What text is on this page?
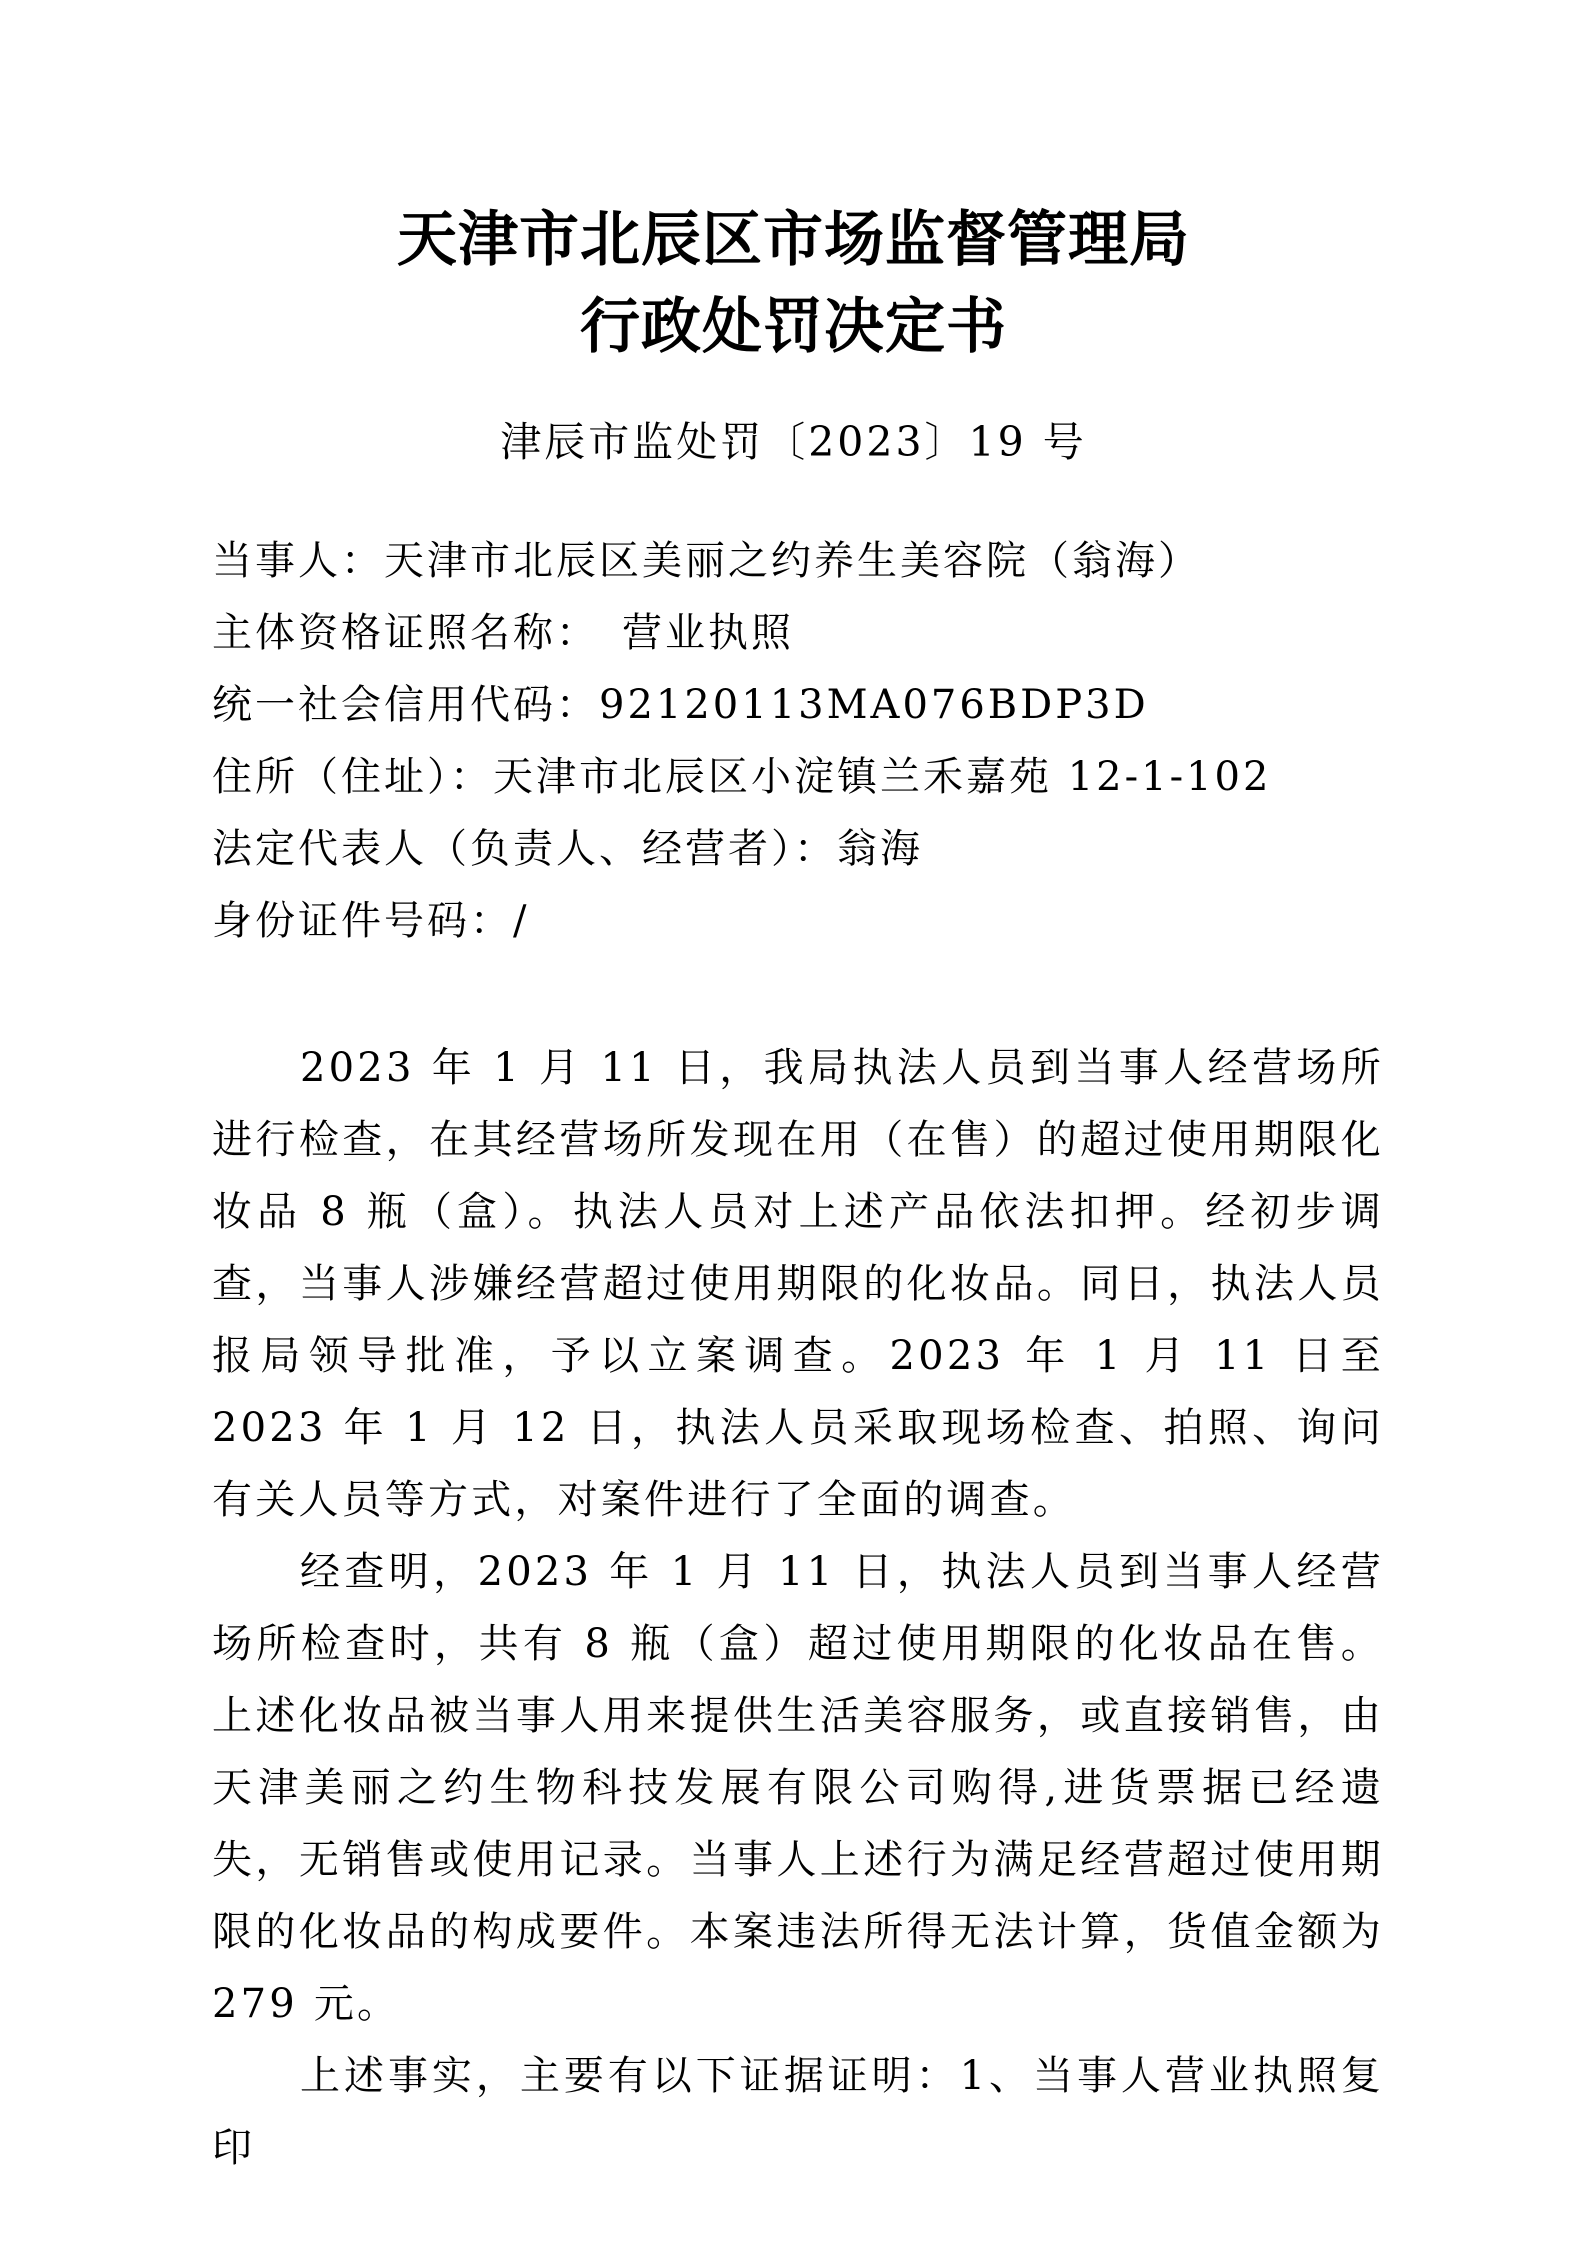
天津市北辰区市场监督管理局
行政处罚决定书
津辰市监处罚〔2023〕19 号
当事人：天津市北辰区美丽之约养生美容院（翁海）
主体资格证照名称：　营业执照
统一社会信用代码：92120113MA076BDP3D
住所（住址）：天津市北辰区小淀镇兰禾嘉苑 12-1-102
法定代表人（负责人、经营者）：翁海
身份证件号码：/

2023 年 1 月 11 日，我局执法人员到当事人经营场所进行检查，在其经营场所发现在用（在售）的超过使用期限化妆品 8 瓶（盒）。执法人员对上述产品依法扣押。经初步调查，当事人涉嫌经营超过使用期限的化妆品。同日，执法人员报局领导批准，予以立案调查。2023 年 1 月 11 日至 2023 年 1 月 12 日，执法人员采取现场检查、拍照、询问有关人员等方式，对案件进行了全面的调查。

经查明，2023 年 1 月 11 日，执法人员到当事人经营场所检查时，共有 8 瓶（盒）超过使用期限的化妆品在售。上述化妆品被当事人用来提供生活美容服务，或直接销售，由天津美丽之约生物科技发展有限公司购得,进货票据已经遗失，无销售或使用记录。当事人上述行为满足经营超过使用期限的化妆品的构成要件。本案违法所得无法计算，货值金额为 279 元。

上述事实，主要有以下证据证明：1、当事人营业执照复印
